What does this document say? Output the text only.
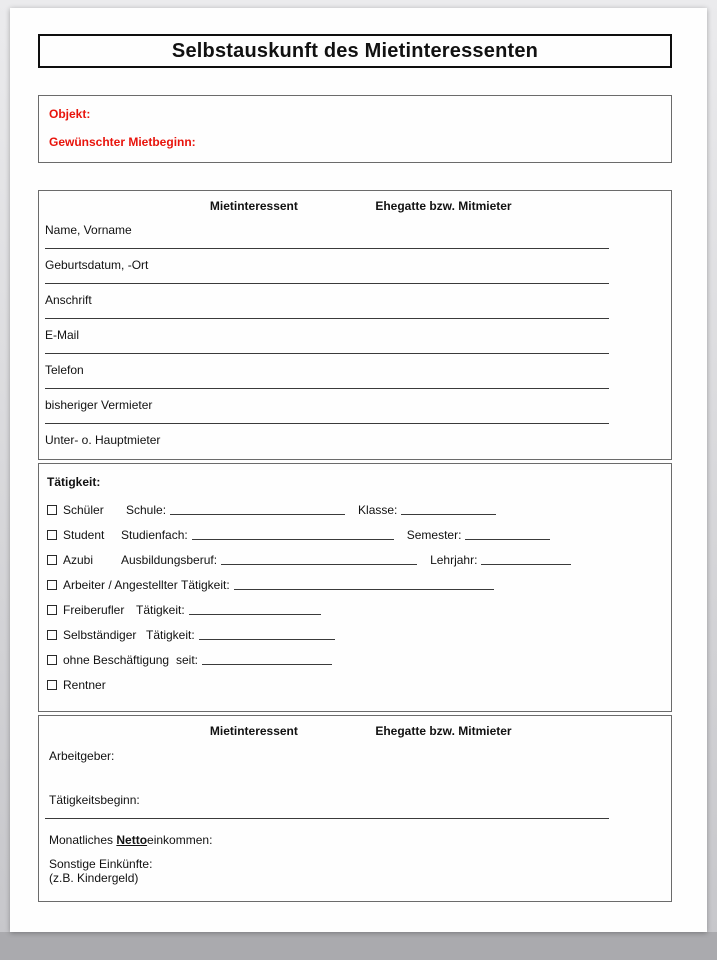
Selbstauskunft des Mietinteressenten
Objekt:
Gewünschter Mietbeginn:
Mietinteressent	Ehegatte bzw. Mitmieter
Name, Vorname
Geburtsdatum, -Ort
Anschrift
E-Mail
Telefon
bisheriger Vermieter
Unter- o. Hauptmieter
Tätigkeit:
Schüler	Schule:	Klasse:
Student	Studienfach:	Semester:
Azubi	Ausbildungsberuf:	Lehrjahr:
Arbeiter / Angestellter Tätigkeit:
Freiberufler Tätigkeit:
Selbständiger Tätigkeit:
ohne Beschäftigung seit:
Rentner
Mietinteressent	Ehegatte bzw. Mitmieter
Arbeitgeber:
Tätigkeitsbeginn:
Monatliches Nettoeinkommen:
Sonstige Einkünfte:
(z.B. Kindergeld)
